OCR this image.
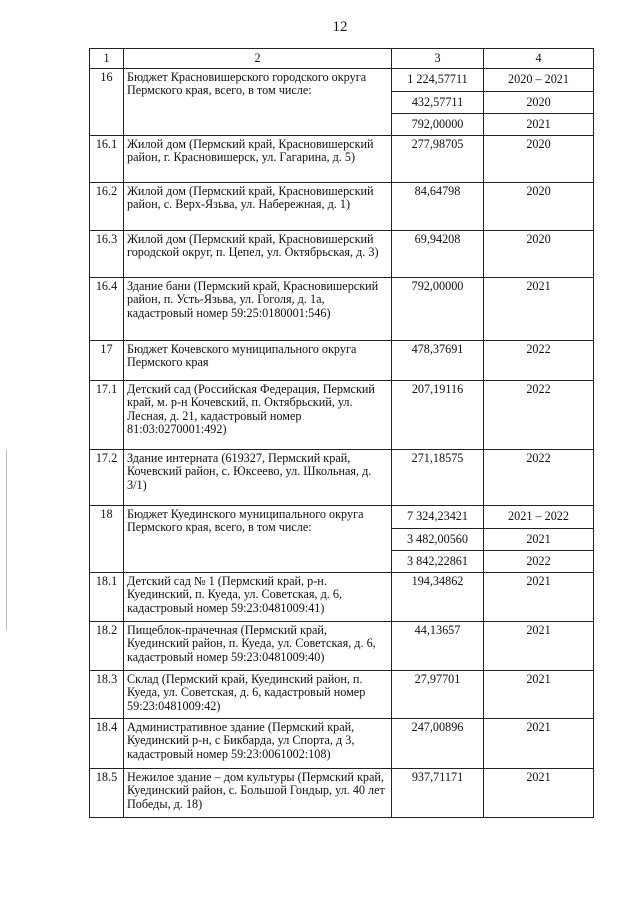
12
1	2	3	4
16	Бюджет Красновишерского городского округа Пермского края, всего, в том числе:	1 224,57711	2020 – 2021
		432,57711	2020
		792,00000	2021
16.1	Жилой дом (Пермский край, Красновишерский район, г. Красновишерск, ул. Гагарина, д. 5)	277,98705	2020
16.2	Жилой дом (Пермский край, Красновишерский район, с. Верх-Язьва, ул. Набережная, д. 1)	84,64798	2020
16.3	Жилой дом (Пермский край, Красновишерский городской округ, п. Цепел, ул. Октябрьская, д. 3)	69,94208	2020
16.4	Здание бани (Пермский край, Красновишерский район, п. Усть-Язьва, ул. Гоголя, д. 1а, кадастровый номер 59:25:0180001:546)	792,00000	2021
17	Бюджет Кочевского муниципального округа Пермского края	478,37691	2022
17.1	Детский сад (Российская Федерация, Пермский край, м. р-н Кочевский, п. Октябрьский, ул. Лесная, д. 21, кадастровый номер 81:03:0270001:492)	207,19116	2022
17.2	Здание интерната (619327, Пермский край, Кочевский район, с. Юксеево, ул. Школьная, д. 3/1)	271,18575	2022
18	Бюджет Куединского муниципального округа Пермского края, всего, в том числе:	7 324,23421	2021 – 2022
		3 482,00560	2021
		3 842,22861	2022
18.1	Детский сад № 1 (Пермский край, р-н. Куединский, п. Куеда, ул. Советская, д. 6, кадастровый номер 59:23:0481009:41)	194,34862	2021
18.2	Пищеблок-прачечная (Пермский край, Куединский район, п. Куеда, ул. Советская, д. 6, кадастровый номер 59:23:0481009:40)	44,13657	2021
18.3	Склад (Пермский край, Куединский район, п. Куеда, ул. Советская, д. 6, кадастровый номер 59:23:0481009:42)	27,97701	2021
18.4	Административное здание (Пермский край, Куединский р-н, с Бикбарда, ул Спорта, д 3, кадастровый номер 59:23:0061002:108)	247,00896	2021
18.5	Нежилое здание – дом культуры (Пермский край, Куединский район, с. Большой Гондыр, ул. 40 лет Победы, д. 18)	937,71171	2021
